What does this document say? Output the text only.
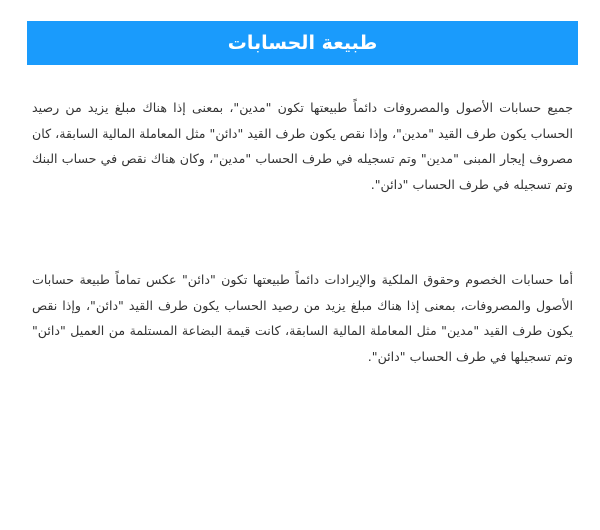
طبيعة الحسابات

جميع حسابات الأصول والمصروفات دائماً طبيعتها تكون "مدين"، بمعنى إذا هناك مبلغ يزيد من رصيد الحساب يكون طرف القيد "مدين"، وإذا نقص يكون طرف القيد "دائن" مثل المعاملة المالية السابقة، كان مصروف إيجار المبنى "مدين" وتم تسجيله في طرف الحساب "مدين"، وكان هناك نقص في حساب البنك وتم تسجيله في طرف الحساب "دائن".

أما حسابات الخصوم وحقوق الملكية والإيرادات دائماً طبيعتها تكون "دائن" عكس تماماً طبيعة حسابات الأصول والمصروفات، بمعنى إذا هناك مبلغ يزيد من رصيد الحساب يكون طرف القيد "دائن"، وإذا نقص يكون طرف القيد "مدين" مثل المعاملة المالية السابقة، كانت قيمة البضاعة المستلمة من العميل "دائن" وتم تسجيلها في طرف الحساب "دائن".
